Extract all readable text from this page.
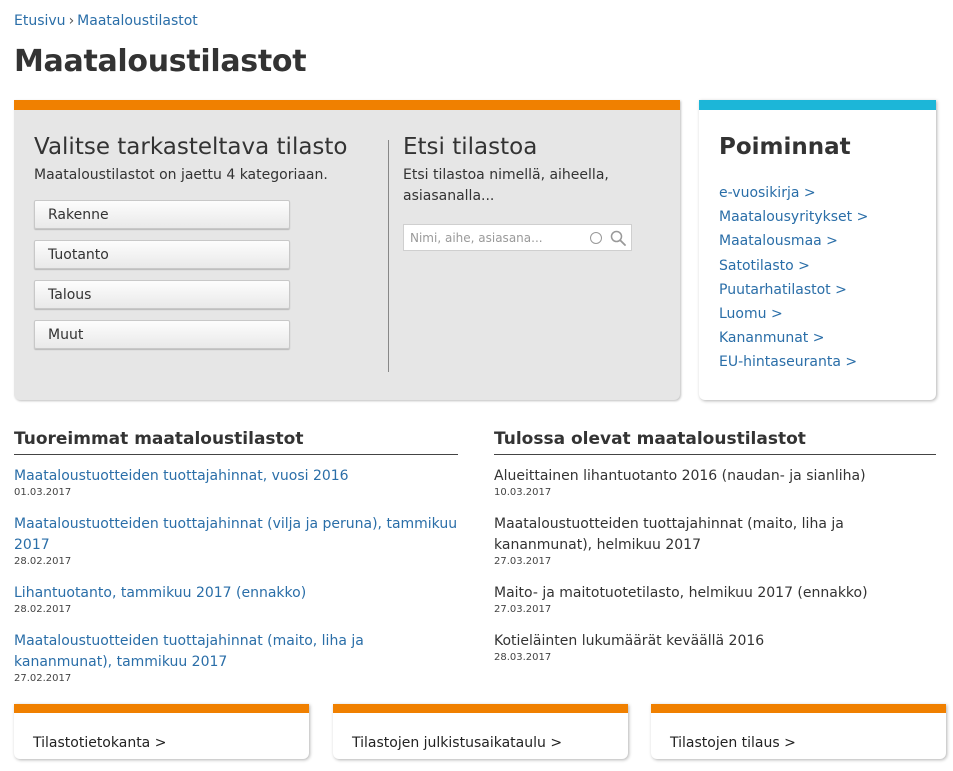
Etusivu › Maataloustilastot
Maataloustilastot
Valitse tarkasteltava tilasto

Maataloustilastot on jaettu 4 kategoriaan.

Rakenne
Tuotanto
Talous
Muut
Etsi tilastoa

Etsi tilastoa nimellä, aiheella, asiasanalla...

Nimi, aihe, asiasana...
Poiminnat
e-vuosikirja >
Maatalousyritykset >
Maatalousmaa >
Satotilasto >
Puutarhatilastot >
Luomu >
Kananmunat >
EU-hintaseuranta >
Tuoreimmat maataloustilastot
Maataloustuotteiden tuottajahinnat, vuosi 2016
01.03.2017
Maataloustuotteiden tuottajahinnat (vilja ja peruna), tammikuu 2017
28.02.2017
Lihantuotanto, tammikuu 2017 (ennakko)
28.02.2017
Maataloustuotteiden tuottajahinnat (maito, liha ja kananmunat), tammikuu 2017
27.02.2017
Tulossa olevat maataloustilastot
Alueittainen lihantuotanto 2016 (naudan- ja sianliha)
10.03.2017
Maataloustuotteiden tuottajahinnat (maito, liha ja kananmunat), helmikuu 2017
27.03.2017
Maito- ja maitotuotetilasto, helmikuu 2017 (ennakko)
27.03.2017
Kotieläinten lukumäärät keväällä 2016
28.03.2017
Tilastotietokanta >	Tilastojen julkistusaikataulu >	Tilastojen tilaus >
